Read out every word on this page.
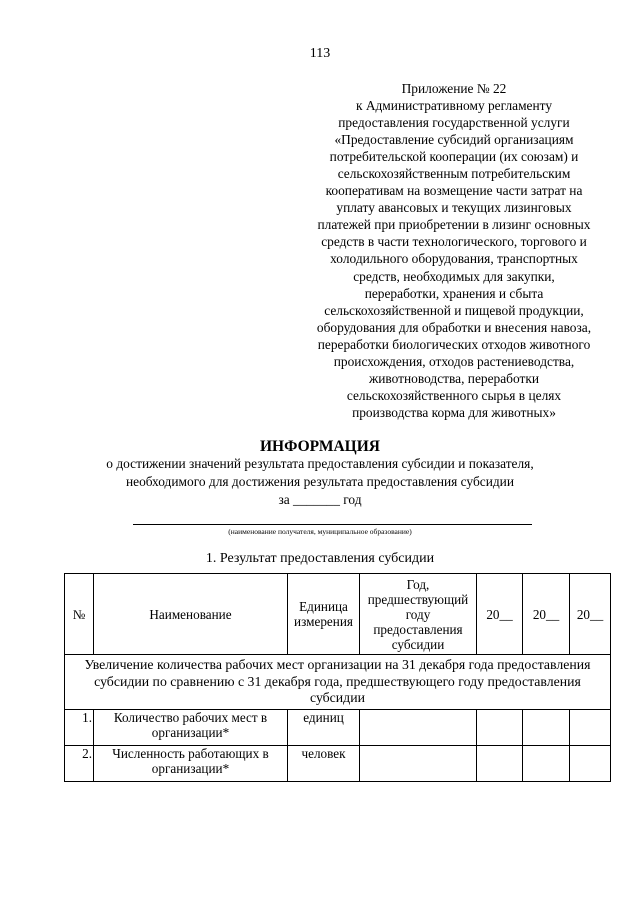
113
Приложение № 22
к Административному регламенту
предоставления государственной услуги
«Предоставление субсидий организациям
потребительской кооперации (их союзам) и
сельскохозяйственным потребительским
кооперативам на возмещение части затрат на
уплату авансовых и текущих лизинговых
платежей при приобретении в лизинг основных
средств в части технологического, торгового и
холодильного оборудования, транспортных
средств, необходимых для закупки,
переработки, хранения и сбыта
сельскохозяйственной и пищевой продукции,
оборудования для обработки и внесения навоза,
переработки биологических отходов животного
происхождения, отходов растениеводства,
животноводства, переработки
сельскохозяйственного сырья в целях
производства корма для животных»
ИНФОРМАЦИЯ
о достижении значений результата предоставления субсидии и показателя,
необходимого для достижения результата предоставления субсидии
за _______ год
(наименование получателя, муниципальное образование)
1. Результат предоставления субсидии
№	Наименование	Единица измерения	Год, предшествующий году предоставления субсидии	20__	20__	20__
Увеличение количества рабочих мест организации на 31 декабря года предоставления субсидии по сравнению с 31 декабря года, предшествующего году предоставления субсидии						
1.	Количество рабочих мест в организации*	единиц				
2.	Численность работающих в организации*	человек				
